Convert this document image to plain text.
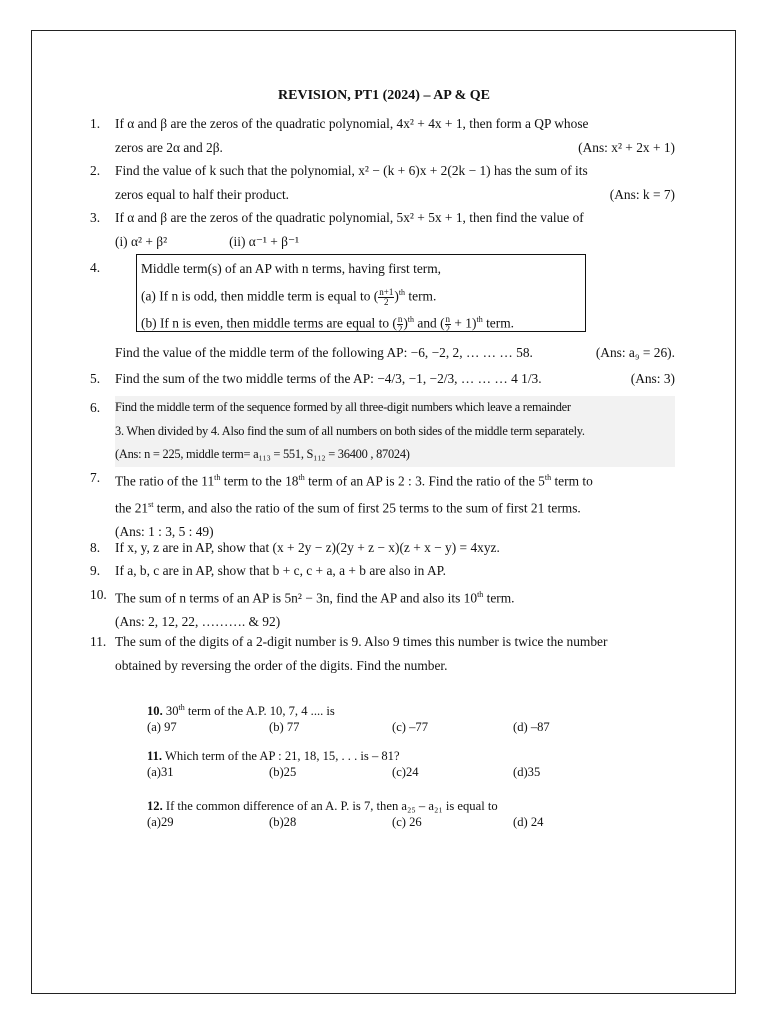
REVISION, PT1 (2024) – AP & QE
1.	If α and β are the zeros of the quadratic polynomial, 4x² + 4x + 1, then form a QP whose
zeros are 2α and 2β.	(Ans: x² + 2x + 1)
2.	Find the value of k such that the polynomial, x² − (k + 6)x + 2(2k − 1) has the sum of its
zeros equal to half their product.	(Ans: k = 7)
3.	If α and β are the zeros of the quadratic polynomial, 5x² + 5x + 1, then find the value of
(i) α² + β²	(ii) α⁻¹ + β⁻¹
4.	Middle term(s) of an AP with n terms, having first term,
(a) If n is odd, then middle term is equal to ( $\frac{n+1}{2} )^{th}$ term.
(b) If n is even, then middle terms are equal to ( $\frac{n}{2} )^{th}$ and ( $\frac{n}{2} + 1)^{th}$ term.
Find the value of the middle term of the following AP: −6, −2, 2, … … … 58.	(Ans: a₉ = 26).
5.	Find the sum of the two middle terms of the AP: −4/3, −1, −2/3, … … … 4 1/3.	(Ans: 3)
6.	Find the middle term of the sequence formed by all three-digit numbers which leave a remainder
3. When divided by 4. Also find the sum of all numbers on both sides of the middle term separately.
(Ans: n = 225, middle term= a₁₁₃ = 551, S₁₁₂ = 36400 , 87024)
7.	The ratio of the 11th term to the 18th term of an AP is 2 : 3. Find the ratio of the 5th term to
the 21st term, and also the ratio of the sum of first 25 terms to the sum of first 21 terms.
(Ans: 1 : 3, 5 : 49)
8.	If x, y, z are in AP, show that (x + 2y − z)(2y + z − x)(z + x − y) = 4xyz.
9.	If a, b, c are in AP, show that b + c, c + a, a + b are also in AP.
10. The sum of n terms of an AP is 5n² − 3n, find the AP and also its 10th term.
(Ans: 2, 12, 22, ………. & 92)
11. The sum of the digits of a 2-digit number is 9. Also 9 times this number is twice the number
obtained by reversing the order of the digits. Find the number.
10. 30th term of the A.P. 10, 7, 4 .... is
(a) 97	(b) 77	(c) –77	(d) –87
11. Which term of the AP : 21, 18, 15, . . . is – 81?
(a)31	(b)25	(c)24	(d)35
12. If the common difference of an A. P. is 7, then a₂₅ – a₂₁ is equal to
(a)29	(b)28	(c) 26	(d) 24
